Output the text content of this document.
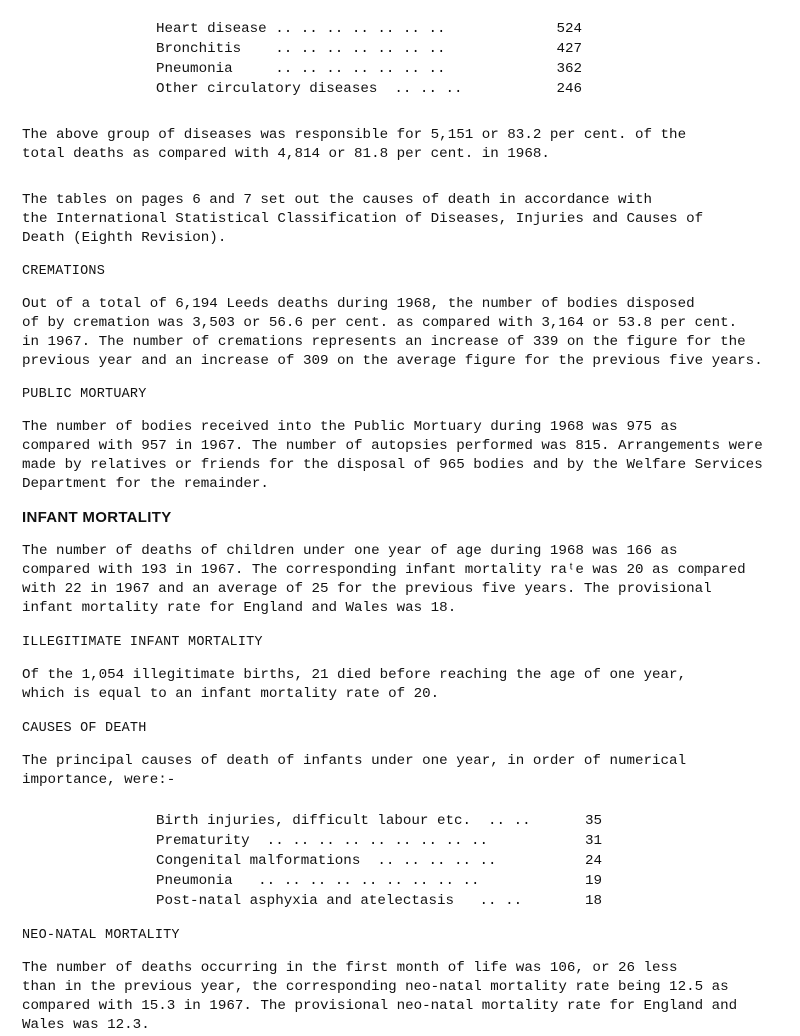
Heart disease .. .. .. .. .. .. ..	524
Bronchitis    .. .. .. .. .. .. ..	427
Pneumonia     .. .. .. .. .. .. ..	362
Other circulatory diseases  .. .. ..	246

The above group of diseases was responsible for 5,151 or 83.2 per cent. of the

total deaths as compared with 4,814 or 81.8 per cent. in 1968.

The tables on pages 6 and 7 set out the causes of death in accordance with

the International Statistical Classification of Diseases, Injuries and Causes of

Death (Eighth Revision).

CREMATIONS

Out of a total of 6,194 Leeds deaths during 1968, the number of bodies disposed

of by cremation was 3,503 or 56.6 per cent. as compared with 3,164 or 53.8 per cent.

in 1967. The number of cremations represents an increase of 339 on the figure for the

previous year and an increase of 309 on the average figure for the previous five years.

PUBLIC MORTUARY

The number of bodies received into the Public Mortuary during 1968 was 975 as

compared with 957 in 1967. The number of autopsies performed was 815. Arrangements were

made by relatives or friends for the disposal of 965 bodies and by the Welfare Services

Department for the remainder.

INFANT MORTALITY

The number of deaths of children under one year of age during 1968 was 166 as

compared with 193 in 1967. The corresponding infant mortality raᵗe was 20 as compared

with 22 in 1967 and an average of 25 for the previous five years. The provisional

infant mortality rate for England and Wales was 18.

ILLEGITIMATE INFANT MORTALITY

Of the 1,054 illegitimate births, 21 died before reaching the age of one year,

which is equal to an infant mortality rate of 20.

CAUSES OF DEATH

The principal causes of death of infants under one year, in order of numerical

importance, were:-

Birth injuries, difficult labour etc.  .. ..	35
Prematurity  .. .. .. .. .. .. .. .. ..	31
Congenital malformations  .. .. .. .. ..	24
Pneumonia   .. .. .. .. .. .. .. .. ..	19
Post-natal asphyxia and atelectasis   .. ..	18

NEO-NATAL MORTALITY

The number of deaths occurring in the first month of life was 106, or 26 less

than in the previous year, the corresponding neo-natal mortality rate being 12.5 as

compared with 15.3 in 1967. The provisional neo-natal mortality rate for England and

Wales was 12.3.
